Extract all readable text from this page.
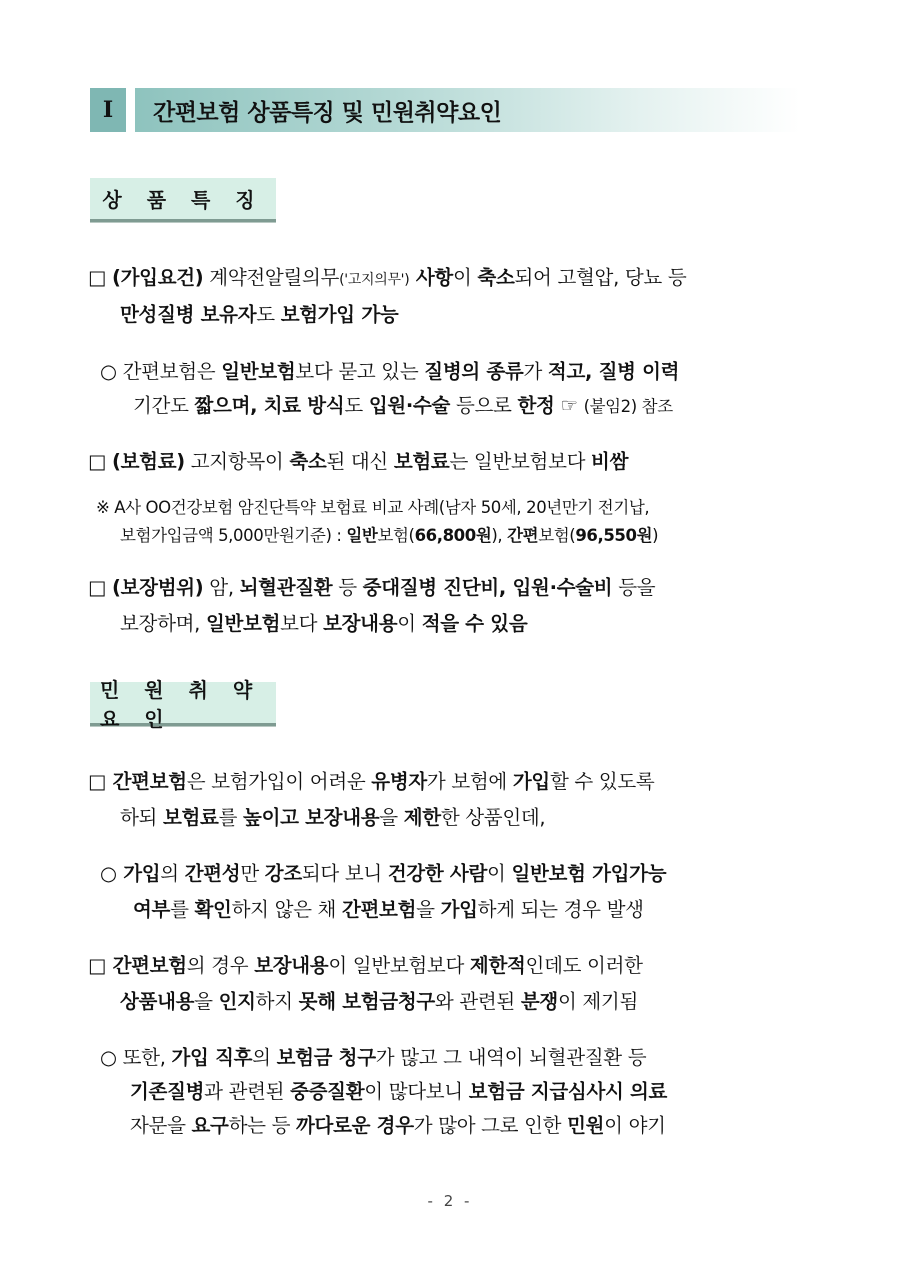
I	간편보험 상품특징 및 민원취약요인
상 품 특 징
□ (가입요건) 계약전알릴의무('고지의무') 사항이 축소되어 고혈압, 당뇨 등
만성질병 보유자도 보험가입 가능
○ 간편보험은 일반보험보다 묻고 있는 질병의 종류가 적고, 질병 이력
기간도 짧으며, 치료 방식도 입원·수술 등으로 한정 ☞ (붙임2) 참조
□ (보험료) 고지항목이 축소된 대신 보험료는 일반보험보다 비쌈
※ A사 OO건강보험 암진단특약 보험료 비교 사례(남자 50세, 20년만기 전기납,
보험가입금액 5,000만원기준) : 일반보험(66,800원), 간편보험(96,550원)
□ (보장범위) 암, 뇌혈관질환 등 중대질병 진단비, 입원·수술비 등을
보장하며, 일반보험보다 보장내용이 적을 수 있음
민 원 취 약 요 인
□ 간편보험은 보험가입이 어려운 유병자가 보험에 가입할 수 있도록
하되 보험료를 높이고 보장내용을 제한한 상품인데,
○ 가입의 간편성만 강조되다 보니 건강한 사람이 일반보험 가입가능
여부를 확인하지 않은 채 간편보험을 가입하게 되는 경우 발생
□ 간편보험의 경우 보장내용이 일반보험보다 제한적인데도 이러한
상품내용을 인지하지 못해 보험금청구와 관련된 분쟁이 제기됨
○ 또한, 가입 직후의 보험금 청구가 많고 그 내역이 뇌혈관질환 등
기존질병과 관련된 중증질환이 많다보니 보험금 지급심사시 의료
자문을 요구하는 등 까다로운 경우가 많아 그로 인한 민원이 야기
- 2 -
